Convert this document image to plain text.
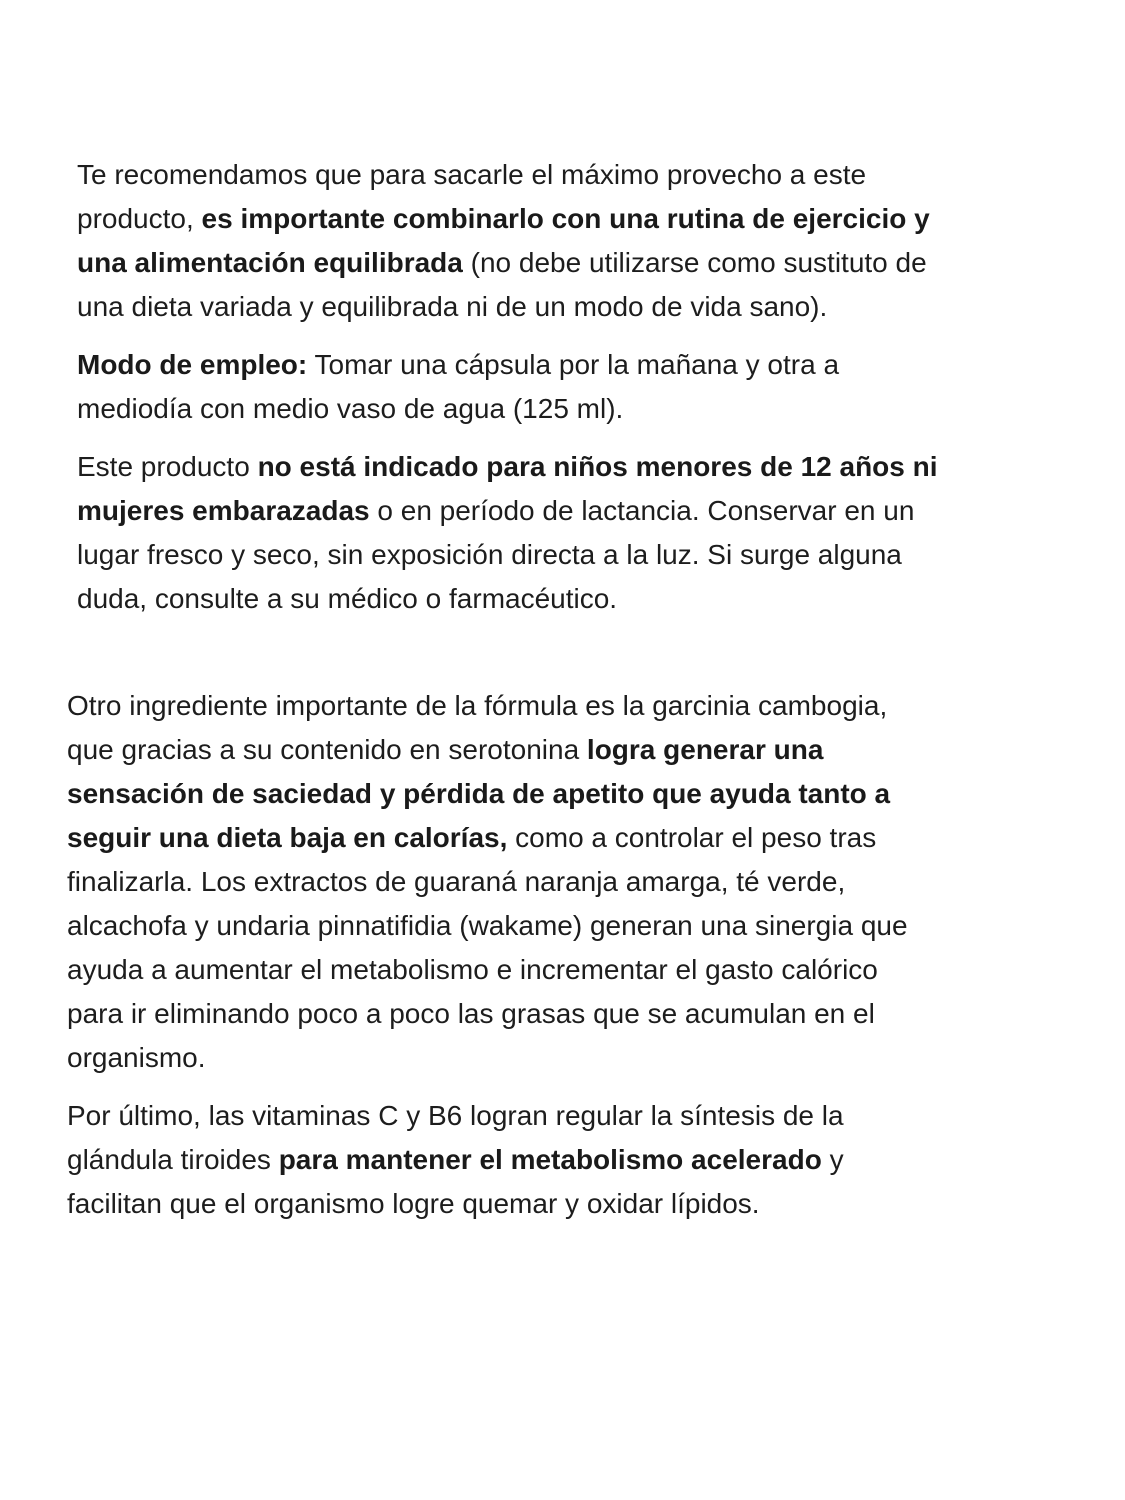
Te recomendamos que para sacarle el máximo provecho a este
producto, es importante combinarlo con una rutina de ejercicio y
una alimentación equilibrada (no debe utilizarse como sustituto de
una dieta variada y equilibrada ni de un modo de vida sano).

Modo de empleo: Tomar una cápsula por la mañana y otra a
mediodía con medio vaso de agua (125 ml).

Este producto no está indicado para niños menores de 12 años ni
mujeres embarazadas o en período de lactancia. Conservar en un
lugar fresco y seco, sin exposición directa a la luz. Si surge alguna
duda, consulte a su médico o farmacéutico.

Otro ingrediente importante de la fórmula es la garcinia cambogia,
que gracias a su contenido en serotonina logra generar una
sensación de saciedad y pérdida de apetito que ayuda tanto a
seguir una dieta baja en calorías, como a controlar el peso tras
finalizarla. Los extractos de guaraná naranja amarga, té verde,
alcachofa y undaria pinnatifidia (wakame) generan una sinergia que
ayuda a aumentar el metabolismo e incrementar el gasto calórico
para ir eliminando poco a poco las grasas que se acumulan en el
organismo.

Por último, las vitaminas C y B6 logran regular la síntesis de la
glándula tiroides para mantener el metabolismo acelerado y
facilitan que el organismo logre quemar y oxidar lípidos.
